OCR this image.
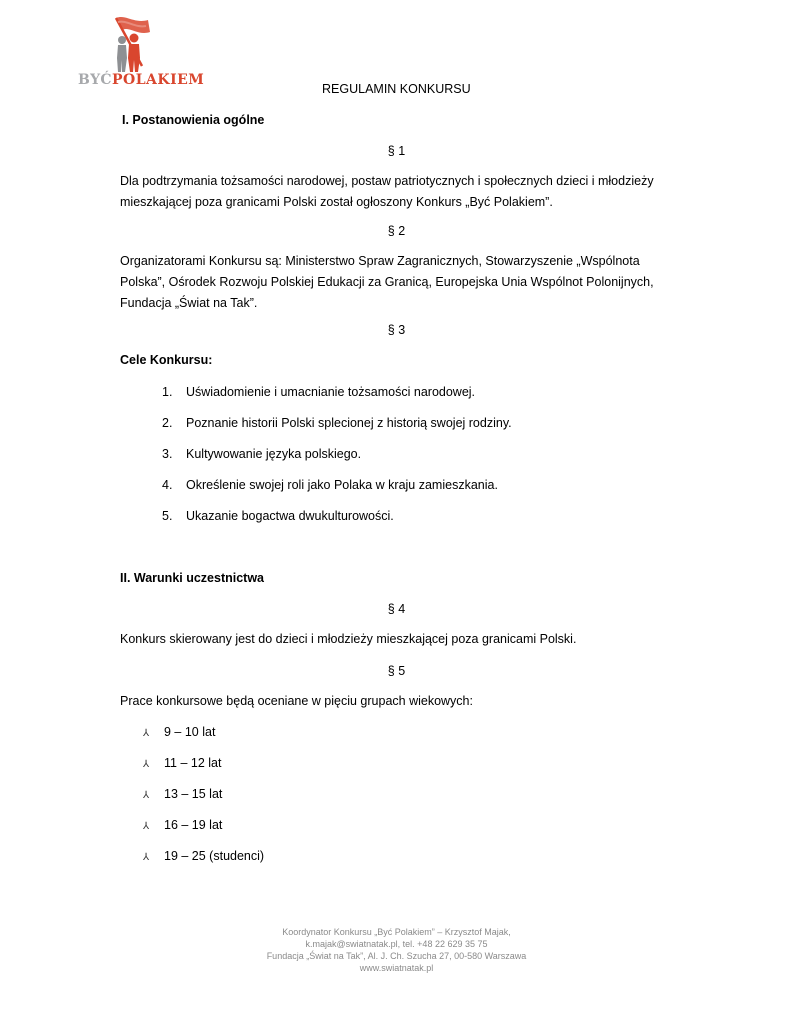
BYĆPOLAKIEM

REGULAMIN KONKURSU

I. Postanowienia ogólne

§ 1

Dla podtrzymania tożsamości narodowej, postaw patriotycznych i społecznych dzieci i młodzieży
mieszkającej poza granicami Polski został ogłoszony Konkurs „Być Polakiem”.

§ 2

Organizatorami Konkursu są: Ministerstwo Spraw Zagranicznych, Stowarzyszenie „Wspólnota
Polska”, Ośrodek Rozwoju Polskiej Edukacji za Granicą, Europejska Unia Wspólnot Polonijnych,
Fundacja „Świat na Tak”.

§ 3

Cele Konkursu:

1. Uświadomienie i umacnianie tożsamości narodowej.
2. Poznanie historii Polski splecionej z historią swojej rodziny.
3. Kultywowanie języka polskiego.
4. Określenie swojej roli jako Polaka w kraju zamieszkania.
5. Ukazanie bogactwa dwukulturowości.

II. Warunki uczestnictwa

§ 4

Konkurs skierowany jest do dzieci i młodzieży mieszkającej poza granicami Polski.

§ 5

Prace konkursowe będą oceniane w pięciu grupach wiekowych:

⅄ 9 – 10 lat
⅄ 11 – 12 lat
⅄ 13 – 15 lat
⅄ 16 – 19 lat
⅄ 19 – 25 (studenci)
Koordynator Konkursu „Być Polakiem” – Krzysztof Majak,
k.majak@swiatnatak.pl, tel. +48 22 629 35 75
Fundacja „Świat na Tak”, Al. J. Ch. Szucha 27, 00-580 Warszawa
www.swiatnatak.pl
